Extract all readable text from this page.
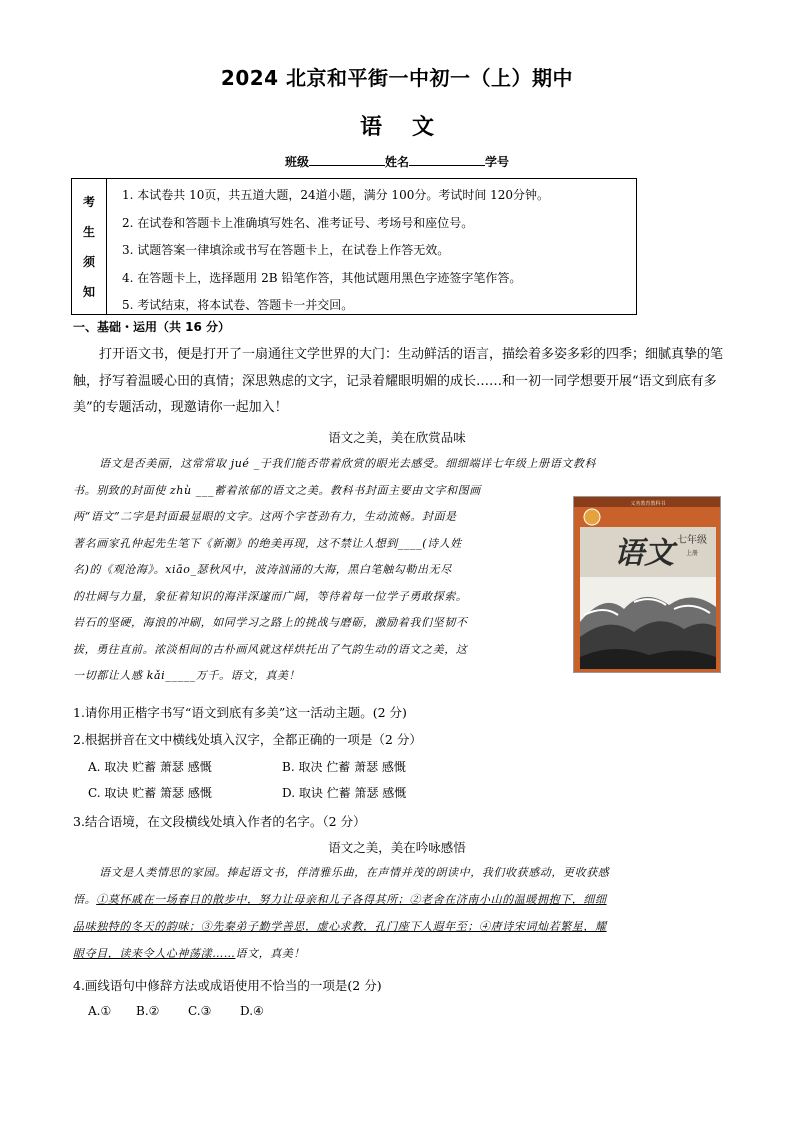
2024 北京和平街一中初一（上）期中
语文
班级	姓名	学号
考
生
须
知
1. 本试卷共 10页，共五道大题，24道小题，满分 100分。考试时间 120分钟。
2. 在试卷和答题卡上准确填写姓名、准考证号、考场号和座位号。
3. 试题答案一律填涂或书写在答题卡上，在试卷上作答无效。
4. 在答题卡上，选择题用 2B 铅笔作答，其他试题用黑色字迹签字笔作答。
5. 考试结束，将本试卷、答题卡一并交回。
一、基础・运用（共 16 分）
打开语文书，便是打开了一扇通往文学世界的大门：生动鲜活的语言，描绘着多姿多彩的四季；细腻真挚的笔触，抒写着温暖心田的真情；深思熟虑的文字，记录着耀眼明媚的成长……和一初一同学想要开展“语文到底有多美”的专题活动，现邀请你一起加入！
语文之美，美在欣赏品味
语文是否美丽，这常常取 jué _于我们能否带着欣赏的眼光去感受。细细端详七年级上册语文教科
书。别致的封面使 zhù ___蓄着浓郁的语文之美。教科书封面主要由文字和图画
两“语文”二字是封面最显眼的文字。这两个字苍劲有力，生动流畅。封面是
著名画家孔仲起先生笔下《新潮》的绝美再现，这不禁让人想到____(诗人姓
名)的《观沧海》。xiāo_瑟秋风中，波涛汹涌的大海，黑白笔触勾勒出无尽
的壮阔与力量，象征着知识的海洋深邃而广阔，等待着每一位学子勇敢探索。
岩石的坚硬，海浪的冲刷，如同学习之路上的挑战与磨砺，激励着我们坚韧不
拔，勇往直前。浓淡相间的古朴画风就这样烘托出了气韵生动的语文之美，这
一切都让人感 kǎi_____万千。语文，真美！
义务教育教科书
语文 七年级
上册
1.请你用正楷字书写“语文到底有多美”这一活动主题。(2 分)
2.根据拼音在文中横线处填入汉字，全都正确的一项是（2 分）
A. 取决 贮蓄 萧瑟 感慨	B. 取决 伫蓄 萧瑟 感慨
C. 取诀 贮蓄 箫瑟 感慨	D. 取诀 伫蓄 箫瑟 感慨
3.结合语境，在文段横线处填入作者的名字。（2 分）
语文之美，美在吟咏感悟
语文是人类情思的家园。捧起语文书，伴清雅乐曲，在声情并茂的朗读中，我们收获感动，更收获感
悟。①莫怀戚在一场春日的散步中，努力让母亲和儿子各得其所；②老舍在济南小山的温暖拥抱下，细细
品味独特的冬天的韵味；③先秦弟子勤学善思，虚心求教，孔门座下人遐年至；④唐诗宋词灿若繁星，耀
眼夺目，读来令人心神荡漾……语文，真美！
4.画线语句中修辞方法或成语使用不恰当的一项是(2 分)
A.① B.② C.③ D.④
